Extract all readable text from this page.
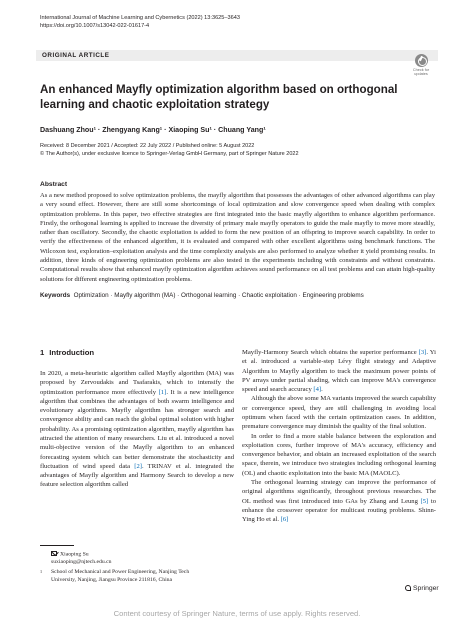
International Journal of Machine Learning and Cybernetics (2022) 13:3625–3643
https://doi.org/10.1007/s13042-022-01617-4
ORIGINAL ARTICLE
Check for
updates
An enhanced Mayfly optimization algorithm based on orthogonal
learning and chaotic exploitation strategy
Dashuang Zhou¹ · Zhengyang Kang¹ · Xiaoping Su¹ · Chuang Yang¹
Received: 8 December 2021 / Accepted: 22 July 2022 / Published online: 5 August 2022
© The Author(s), under exclusive licence to Springer-Verlag GmbH Germany, part of Springer Nature 2022
Abstract
As a new method proposed to solve optimization problems, the mayfly algorithm that possesses the advantages of other advanced algorithms can play a very sound effect. However, there are still some shortcomings of local optimization and slow convergence speed when dealing with complex optimization problems. In this paper, two effective strategies are first integrated into the basic mayfly algorithm to enhance algorithm performance. Firstly, the orthogonal learning is applied to increase the diversity of primary male mayfly operators to guide the male mayfly to move more steadily, rather than oscillatory. Secondly, the chaotic exploitation is added to form the new position of an offspring to improve search capability. In order to verify the effectiveness of the enhanced algorithm, it is evaluated and compared with other excellent algorithms using benchmark functions. The Wilcoxon test, exploration–exploitation analysis and the time complexity analysis are also performed to analyze whether it yield promising results. In addition, three kinds of engineering optimization problems are also tested in the experiments including with constraints and without constraints. Computational results show that enhanced mayfly optimization algorithm achieves sound performance on all test problems and can attain high-quality solutions for different engineering optimization problems.
Keywords Optimization · Mayfly algorithm (MA) · Orthogonal learning · Chaotic exploitation · Engineering problems
1 Introduction

In 2020, a meta-heuristic algorithm called Mayfly algorithm (MA) was proposed by Zervoudakis and Tsafarakis, which to intensify the optimization performance more effectively [1]. It is a new intelligence algorithm that combines the advantages of both swarm intelligence and evolutionary algorithms. Mayfly algorithm has stronger search and convergence ability and can reach the global optimal solution with higher probability. As a promising optimization algorithm, mayfly algorithm has attracted the attention of many researchers. Liu et al. introduced a novel multi-objective version of the Mayfly algorithm to an enhanced forecasting system which can better demonstrate the stochasticity and fluctuation of wind speed data [2]. TRINAV et al. integrated the advantages of Mayfly algorithm and Harmony Search to develop a new feature selection algorithm called

Mayfly-Harmony Search which obtains the superior performance [3]. Yi et al. introduced a variable-step Lévy flight strategy and Adaptive Algorithm to Mayfly algorithm to track the maximum power points of PV arrays under partial shading, which can improve MA's convergence speed and search accuracy [4].

Although the above some MA variants improved the search capability or convergence speed, they are still challenging in avoiding local optimum when faced with the certain optimization cases. In addition, premature convergence may diminish the quality of the final solution.

In order to find a more stable balance between the exploration and exploitation cores, further improve of MA's accuracy, efficiency and convergence behavior, and obtain an increased exploitation of the search space, therein, we introduce two strategies including orthogonal learning (OL) and chaotic exploitation into the basic MA (MAOLC).

The orthogonal learning strategy can improve the performance of original algorithms significantly, throughout previous researches. The OL method was first introduced into GAs by Zhang and Leung [5] to enhance the crossover operator for multicast routing problems. Shinn-Ying Ho et al. [6]

Xiaoping Su
suxiaoping@njtech.edu.cn
1 School of Mechanical and Power Engineering, Nanjing Tech
University, Nanjing, Jiangsu Province 211816, China
Springer
Content courtesy of Springer Nature, terms of use apply. Rights reserved.
